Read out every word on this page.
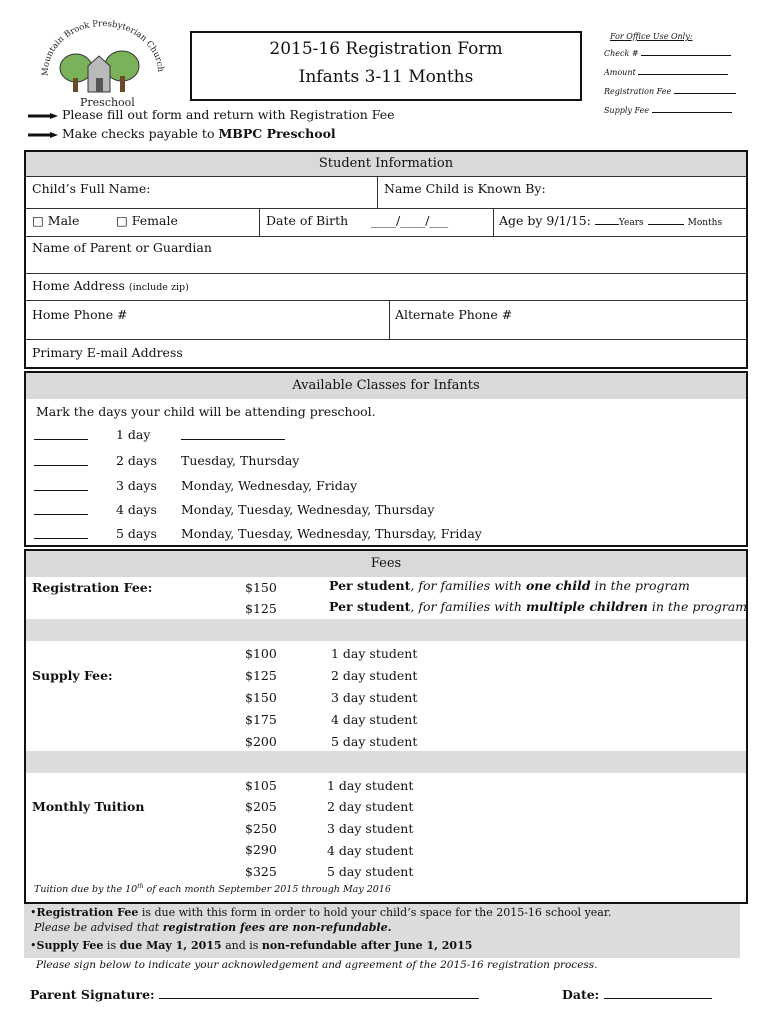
Mountain Brook Presbyterian Church
Preschool
2015-16 Registration Form
Infants 3-11 Months
For Office Use Only:
Check #
Amount
Registration Fee
Supply Fee
Please fill out form and return with Registration Fee
Make checks payable to MBPC Preschool
Student Information
Child’s Full Name:	Name Child is Known By:
□ Male	□ Female	Date of Birth ____/____/___	Age by 9/1/15:	Years	Months
Name of Parent or Guardian
Home Address (include zip)
Home Phone #	Alternate Phone #
Primary E-mail Address
Available Classes for Infants
Mark the days your child will be attending preschool.
1 day
2 days Tuesday, Thursday
3 days Monday, Wednesday, Friday
4 days Monday, Tuesday, Wednesday, Thursday
5 days Monday, Tuesday, Wednesday, Thursday, Friday
Fees
Registration Fee:	$150	Per student, for families with one child in the program
$125	Per student, for families with multiple children in the program
Supply Fee:
$100	1 day student
$125	2 day student
$150	3 day student
$175	4 day student
$200	5 day student
Monthly Tuition
$105	1 day student
$205	2 day student
$250	3 day student
$290	4 day student
$325	5 day student
Tuition due by the 10th of each month September 2015 through May 2016
•Registration Fee is due with this form in order to hold your child’s space for the 2015-16 school year.
Please be advised that registration fees are non-refundable.
•Supply Fee is due May 1, 2015 and is non-refundable after June 1, 2015
Please sign below to indicate your acknowledgement and agreement of the 2015-16 registration process.
Parent Signature:	Date:
